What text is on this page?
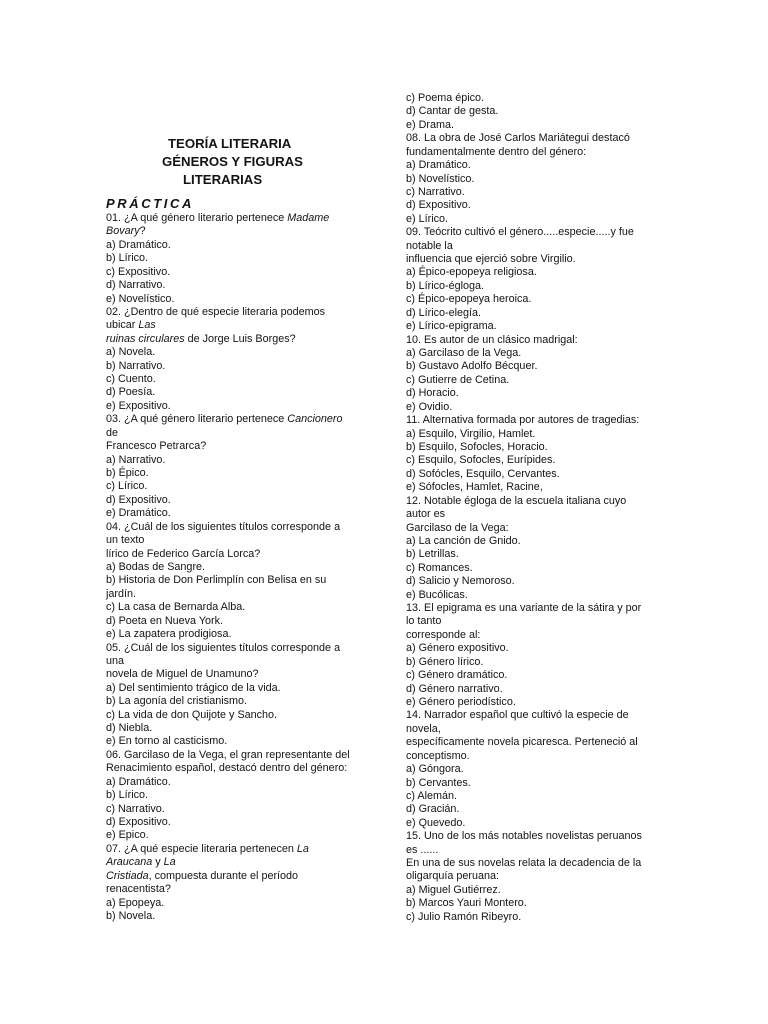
TEORÍA LITERARIA
GÉNEROS Y FIGURAS
LITERARIAS
PRÁCTICA
01. ¿A qué género literario pertenece Madame
Bovary?
a) Dramático.
b) Lírico.
c) Expositivo.
d) Narrativo.
e) Novelístico.
02. ¿Dentro de qué especie literaria podemos
ubicar Las
ruinas circulares de Jorge Luis Borges?
a) Novela.
b) Narrativo.
c) Cuento.
d) Poesía.
e) Expositivo.
03. ¿A qué género literario pertenece Cancionero
de
Francesco Petrarca?
a) Narrativo.
b) Épico.
c) Lírico.
d) Expositivo.
e) Dramático.
04. ¿Cuál de los siguientes títulos corresponde a
un texto
lírico de Federico García Lorca?
a) Bodas de Sangre.
b) Historia de Don Perlimplín con Belisa en su
jardín.
c) La casa de Bernarda Alba.
d) Poeta en Nueva York.
e) La zapatera prodigiosa.
05. ¿Cuál de los siguientes títulos corresponde a
una
novela de Miguel de Unamuno?
a) Del sentimiento trágico de la vida.
b) La agonía del cristianismo.
c) La vida de don Quijote y Sancho.
d) Niebla.
e) En torno al casticismo.
06. Garcilaso de la Vega, el gran representante del
Renacimiento español, destacó dentro del género:
a) Dramático.
b) Lírico.
c) Narrativo.
d) Expositivo.
e) Epico.
07. ¿A qué especie literaria pertenecen La
Araucana y La
Cristiada, compuesta durante el período
renacentista?
a) Epopeya.
b) Novela.
c) Poema épico.
d) Cantar de gesta.
e) Drama.
08. La obra de José Carlos Mariátegui destacó
fundamentalmente dentro del género:
a) Dramático.
b) Novelístico.
c) Narrativo.
d) Expositivo.
e) Lírico.
09. Teócrito cultivó el género.....especie.....y fue
notable la
influencia que ejerció sobre Virgilio.
a) Épico-epopeya religiosa.
b) Lírico-égloga.
c) Épico-epopeya heroica.
d) Lírico-elegía.
e) Lírico-epigrama.
10. Es autor de un clásico madrigal:
a) Garcilaso de la Vega.
b) Gustavo Adolfo Bécquer.
c) Gutierre de Cetina.
d) Horacio.
e) Ovidio.
11. Alternativa formada por autores de tragedias:
a) Esquilo, Virgilio, Hamlet.
b) Esquilo, Sofocles, Horacio.
c) Esquilo, Sofocles, Eurípides.
d) Sofócles, Esquilo, Cervantes.
e) Sófocles, Hamlet, Racine,
12. Notable égloga de la escuela italiana cuyo
autor es
Garcilaso de la Vega:
a) La canción de Gnido.
b) Letrillas.
c) Romances.
d) Salicio y Nemoroso.
e) Bucólicas.
13. El epigrama es una variante de la sátira y por
lo tanto
corresponde al:
a) Género expositivo.
b) Género lírico.
c) Género dramático.
d) Género narrativo.
e) Género periodístico.
14. Narrador español que cultivó la especie de
novela,
específicamente novela picaresca. Perteneció al
conceptismo.
a) Góngora.
b) Cervantes.
c) Alemán.
d) Gracián.
e) Quevedo.
15. Uno de los más notables novelistas peruanos
es ......
En una de sus novelas relata la decadencia de la
oligarquía peruana:
a) Miguel Gutiérrez.
b) Marcos Yauri Montero.
c) Julio Ramón Ribeyro.
